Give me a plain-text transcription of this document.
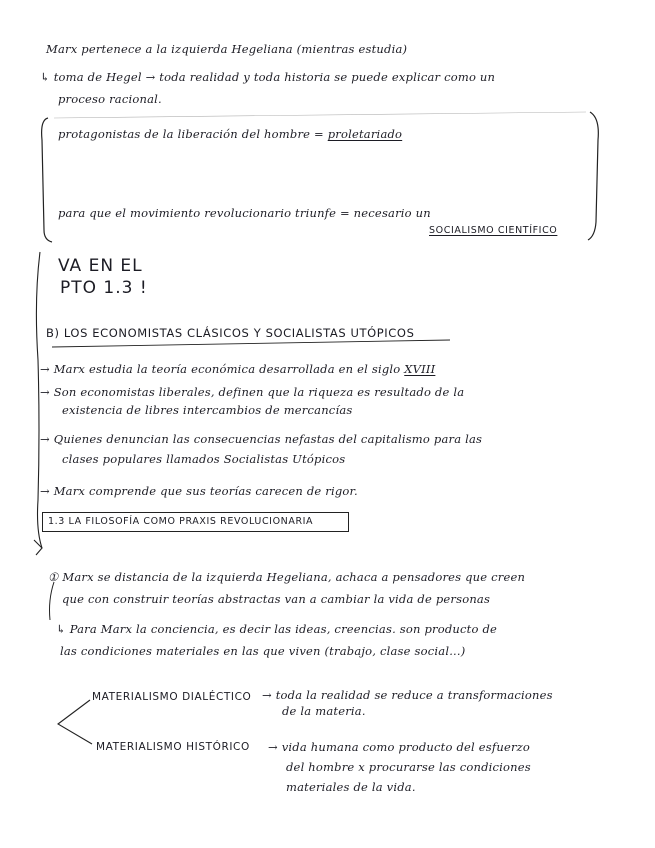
Marx pertenece a la izquierda Hegeliana (mientras estudia)
↳ toma de Hegel → toda realidad y toda historia se puede explicar como un
proceso racional.
protagonistas de la liberación del hombre = proletariado
para que el movimiento revolucionario triunfe = necesario un
SOCIALISMO CIENTÍFICO
VA EN EL
PTO 1.3 !
B) LOS ECONOMISTAS CLÁSICOS Y SOCIALISTAS UTÓPICOS
→ Marx estudia la teoría económica desarrollada en el siglo XVIII
→ Son economistas liberales, definen que la riqueza es resultado de la
existencia de libres intercambios de mercancías
→ Quienes denuncian las consecuencias nefastas del capitalismo para las
clases populares llamados Socialistas Utópicos
→ Marx comprende que sus teorías carecen de rigor.
1.3 LA FILOSOFÍA COMO PRAXIS REVOLUCIONARIA
① Marx se distancia de la izquierda Hegeliana, achaca a pensadores que creen
que con construir teorías abstractas van a cambiar la vida de personas
↳ Para Marx la conciencia, es decir las ideas, creencias. son producto de
las condiciones materiales en las que viven (trabajo, clase social...)
MATERIALISMO DIALÉCTICO → toda la realidad se reduce a transformaciones
de la materia.
MATERIALISMO HISTÓRICO → vida humana como producto del esfuerzo
del hombre x procurarse las condiciones
materiales de la vida.
